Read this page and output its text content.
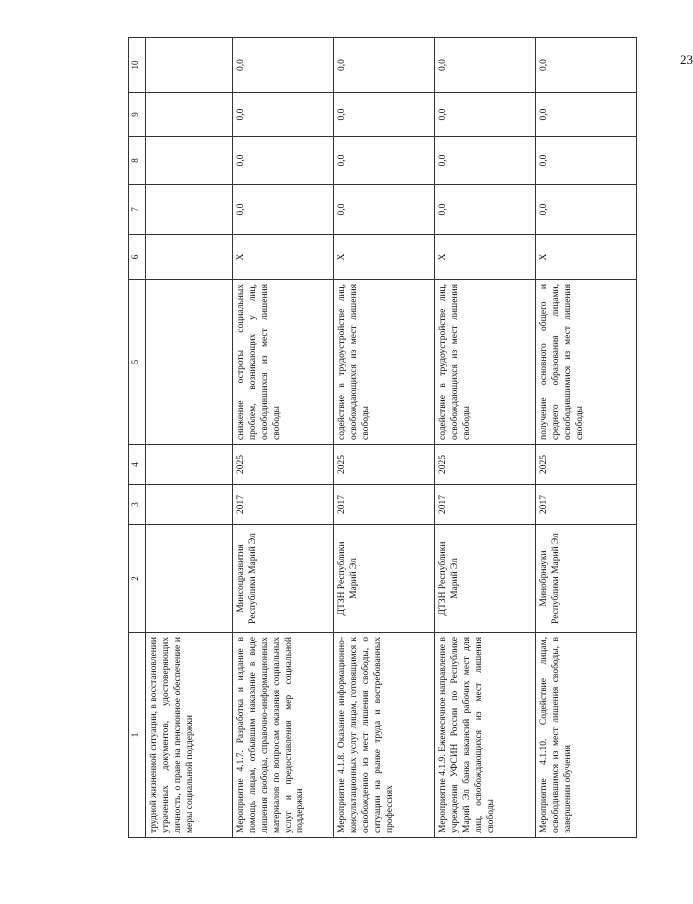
23
1	2	3	4	5	6	7	8	9	10
трудной жизненной ситуации, в восстановлении утраченных документов, удостоверяющих личность, о праве на пенсионное обеспечение и меры социальной поддержки									
Мероприятие 4.1.7. Разработка и издание в помощь лицам, отбывшим наказание в виде лишения свободы, справочно-информационных материалов по вопросам оказания социальных услуг и предоставления мер социальной поддержки	Минсоцразвития Республики Марий Эл	2017	2025	снижение остроты социальных проблем, возникающих у лиц, освободившихся из мест лишения свободы	X	0,0	0,0	0,0	0,0
Мероприятие 4.1.8. Оказание информационно-консультационных услуг лицам, готовящимся к освобождению из мест лишения свободы, о ситуации на рынке труда и востребованных профессиях	ДТЗН Республики Марий Эл	2017	2025	содействие в трудоустройстве лиц, освобождающихся из мест лишения свободы	X	0,0	0,0	0,0	0,0
Мероприятие 4.1.9. Ежемесячное направление в учреждения УФСИН России по Республике Марий Эл банка вакансий рабочих мест для лиц, освобождающихся из мест лишения свободы	ДТЗН Республики Марий Эл	2017	2025	содействие в трудоустройстве лиц, освобождающихся из мест лишения свободы	X	0,0	0,0	0,0	0,0
Мероприятие 4.1.10. Содействие лицам, освободившимся из мест лишения свободы, в завершении обучения	Минобрнауки Республики Марий Эл	2017	2025	получение основного общего и среднего образования лицами, освободившимися из мест лишения свободы	X	0,0	0,0	0,0	0,0
